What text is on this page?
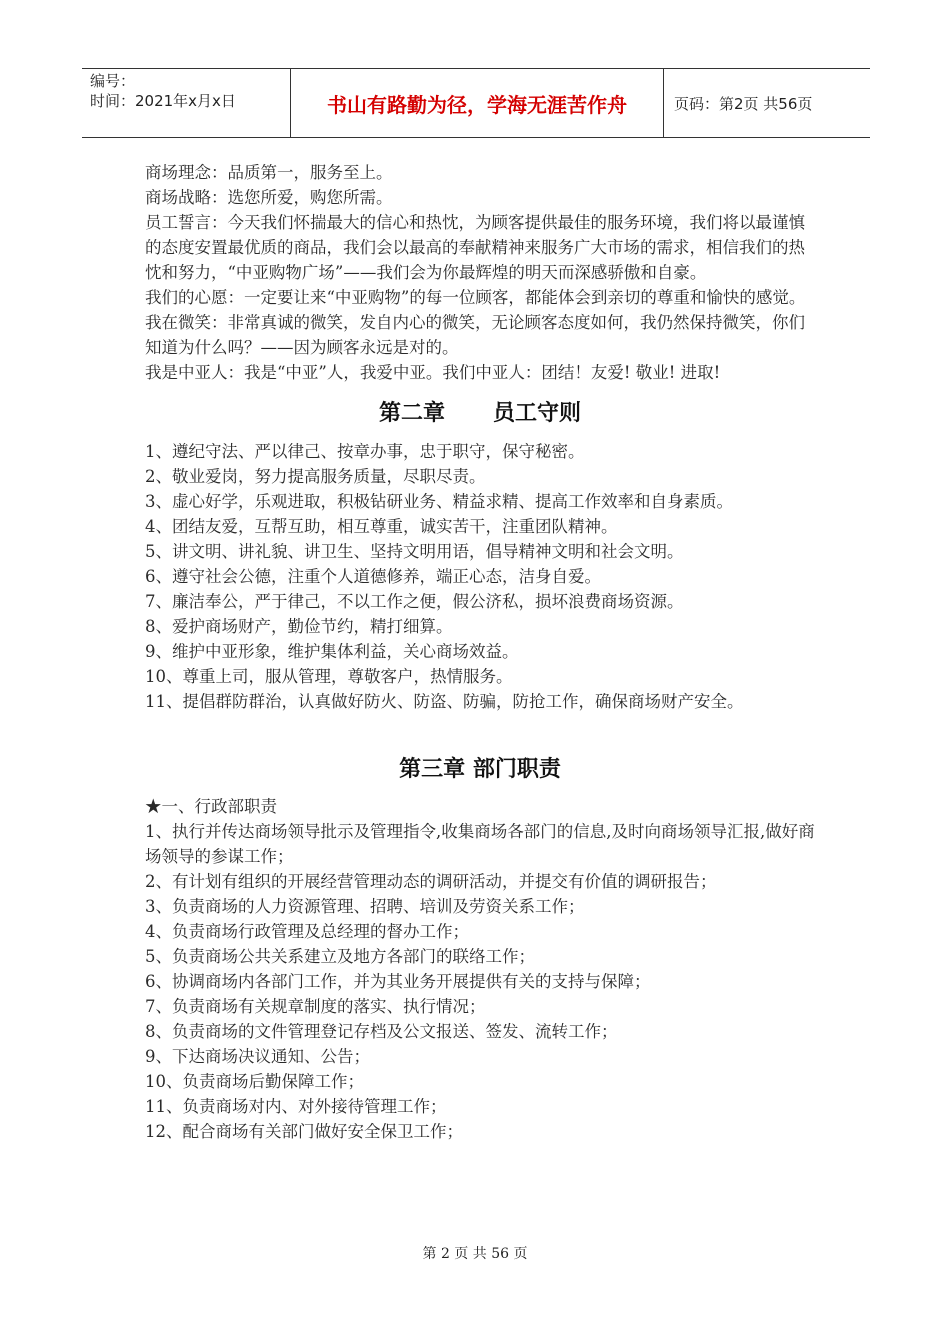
编号：
时间：2021年x月x日	书山有路勤为径，学海无涯苦作舟	页码：第2页 共56页

商场理念：品质第一，服务至上。

商场战略：选您所爱，购您所需。

员工誓言：今天我们怀揣最大的信心和热忱，为顾客提供最佳的服务环境，我们将以最谨慎的态度安置最优质的商品，我们会以最高的奉献精神来服务广大市场的需求，相信我们的热忱和努力，“中亚购物广场”——我们会为你最辉煌的明天而深感骄傲和自豪。

我们的心愿：一定要让来“中亚购物”的每一位顾客，都能体会到亲切的尊重和愉快的感觉。

我在微笑：非常真诚的微笑，发自内心的微笑，无论顾客态度如何，我仍然保持微笑，你们知道为什么吗？——因为顾客永远是对的。

我是中亚人：我是“中亚”人，我爱中亚。我们中亚人：团结！友爱! 敬业! 进取!

第二章 员工守则

1、遵纪守法、严以律己、按章办事，忠于职守，保守秘密。

2、敬业爱岗，努力提高服务质量，尽职尽责。

3、虚心好学，乐观进取，积极钻研业务、精益求精、提高工作效率和自身素质。

4、团结友爱，互帮互助，相互尊重，诚实苦干，注重团队精神。

5、讲文明、讲礼貌、讲卫生、坚持文明用语，倡导精神文明和社会文明。

6、遵守社会公德，注重个人道德修养，端正心态，洁身自爱。

7、廉洁奉公，严于律己，不以工作之便，假公济私，损坏浪费商场资源。

8、爱护商场财产，勤俭节约，精打细算。

9、维护中亚形象，维护集体利益，关心商场效益。

10、尊重上司，服从管理，尊敬客户，热情服务。

11、提倡群防群治，认真做好防火、防盗、防骗，防抢工作，确保商场财产安全。

第三章 部门职责

★一、行政部职责

1、执行并传达商场领导批示及管理指令,收集商场各部门的信息,及时向商场领导汇报,做好商场领导的参谋工作；

2、有计划有组织的开展经营管理动态的调研活动，并提交有价值的调研报告；

3、负责商场的人力资源管理、招聘、培训及劳资关系工作；

4、负责商场行政管理及总经理的督办工作；

5、负责商场公共关系建立及地方各部门的联络工作；

6、协调商场内各部门工作，并为其业务开展提供有关的支持与保障；

7、负责商场有关规章制度的落实、执行情况；

8、负责商场的文件管理登记存档及公文报送、签发、流转工作；

9、下达商场决议通知、公告；

10、负责商场后勤保障工作；

11、负责商场对内、对外接待管理工作；

12、配合商场有关部门做好安全保卫工作；

第 2 页 共 56 页
